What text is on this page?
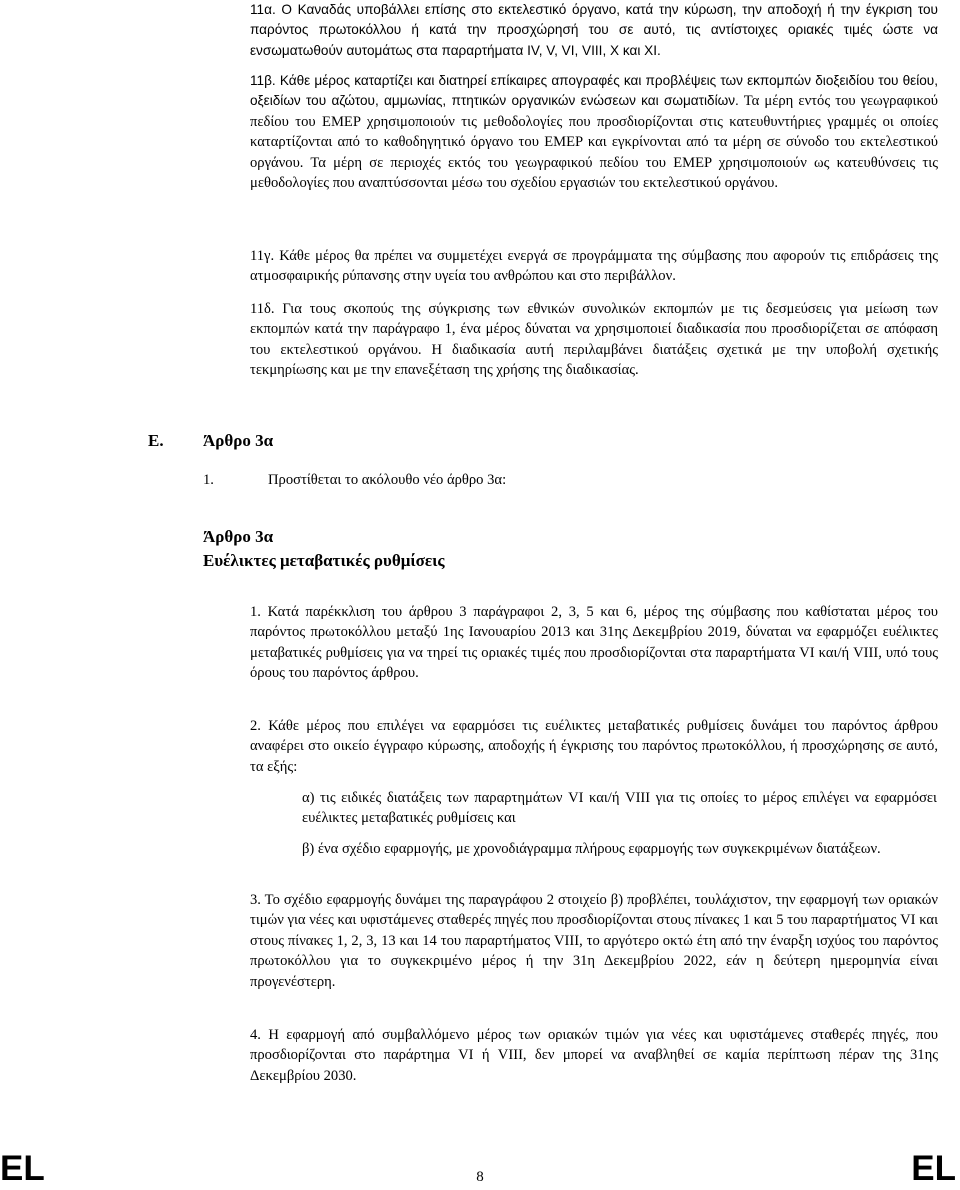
11α. Ο Καναδάς υποβάλλει επίσης στο εκτελεστικό όργανο, κατά την κύρωση, την αποδοχή ή την έγκριση του παρόντος πρωτοκόλλου ή κατά την προσχώρησή του σε αυτό, τις αντίστοιχες οριακές τιμές ώστε να ενσωματωθούν αυτομάτως στα παραρτήματα IV, V, VI, VIII, X και XI.

11β. Κάθε μέρος καταρτίζει και διατηρεί επίκαιρες απογραφές και προβλέψεις των εκπομπών διοξειδίου του θείου, οξειδίων του αζώτου, αμμωνίας, πτητικών οργανικών ενώσεων και σωματιδίων. Τα μέρη εντός του γεωγραφικού πεδίου του EMEP χρησιμοποιούν τις μεθοδολογίες που προσδιορίζονται στις κατευθυντήριες γραμμές οι οποίες καταρτίζονται από το καθοδηγητικό όργανο του EMEP και εγκρίνονται από τα μέρη σε σύνοδο του εκτελεστικού οργάνου. Τα μέρη σε περιοχές εκτός του γεωγραφικού πεδίου του EMEP χρησιμοποιούν ως κατευθύνσεις τις μεθοδολογίες που αναπτύσσονται μέσω του σχεδίου εργασιών του εκτελεστικού οργάνου.

11γ. Κάθε μέρος θα πρέπει να συμμετέχει ενεργά σε προγράμματα της σύμβασης που αφορούν τις επιδράσεις της ατμοσφαιρικής ρύπανσης στην υγεία του ανθρώπου και στο περιβάλλον.

11δ. Για τους σκοπούς της σύγκρισης των εθνικών συνολικών εκπομπών με τις δεσμεύσεις για μείωση των εκπομπών κατά την παράγραφο 1, ένα μέρος δύναται να χρησιμοποιεί διαδικασία που προσδιορίζεται σε απόφαση του εκτελεστικού οργάνου. Η διαδικασία αυτή περιλαμβάνει διατάξεις σχετικά με την υποβολή σχετικής τεκμηρίωσης και με την επανεξέταση της χρήσης της διαδικασίας.

E. Άρθρο 3α
1.	Προστίθεται το ακόλουθο νέο άρθρο 3α:
Άρθρο 3α
Ευέλικτες μεταβατικές ρυθμίσεις

1. Κατά παρέκκλιση του άρθρου 3 παράγραφοι 2, 3, 5 και 6, μέρος της σύμβασης που καθίσταται μέρος του παρόντος πρωτοκόλλου μεταξύ 1ης Ιανουαρίου 2013 και 31ης Δεκεμβρίου 2019, δύναται να εφαρμόζει ευέλικτες μεταβατικές ρυθμίσεις για να τηρεί τις οριακές τιμές που προσδιορίζονται στα παραρτήματα VI και/ή VIII, υπό τους όρους του παρόντος άρθρου.

2. Κάθε μέρος που επιλέγει να εφαρμόσει τις ευέλικτες μεταβατικές ρυθμίσεις δυνάμει του παρόντος άρθρου αναφέρει στο οικείο έγγραφο κύρωσης, αποδοχής ή έγκρισης του παρόντος πρωτοκόλλου, ή προσχώρησης σε αυτό, τα εξής:

α) τις ειδικές διατάξεις των παραρτημάτων VI και/ή VIII για τις οποίες το μέρος επιλέγει να εφαρμόσει ευέλικτες μεταβατικές ρυθμίσεις και

β) ένα σχέδιο εφαρμογής, με χρονοδιάγραμμα πλήρους εφαρμογής των συγκεκριμένων διατάξεων.

3. Το σχέδιο εφαρμογής δυνάμει της παραγράφου 2 στοιχείο β) προβλέπει, τουλάχιστον, την εφαρμογή των οριακών τιμών για νέες και υφιστάμενες σταθερές πηγές που προσδιορίζονται στους πίνακες 1 και 5 του παραρτήματος VI και στους πίνακες 1, 2, 3, 13 και 14 του παραρτήματος VIII, το αργότερο οκτώ έτη από την έναρξη ισχύος του παρόντος πρωτοκόλλου για το συγκεκριμένο μέρος ή την 31η Δεκεμβρίου 2022, εάν η δεύτερη ημερομηνία είναι προγενέστερη.

4. Η εφαρμογή από συμβαλλόμενο μέρος των οριακών τιμών για νέες και υφιστάμενες σταθερές πηγές, που προσδιορίζονται στο παράρτημα VI ή VIII, δεν μπορεί να αναβληθεί σε καμία περίπτωση πέραν της 31ης Δεκεμβρίου 2030.

EL	8	EL
